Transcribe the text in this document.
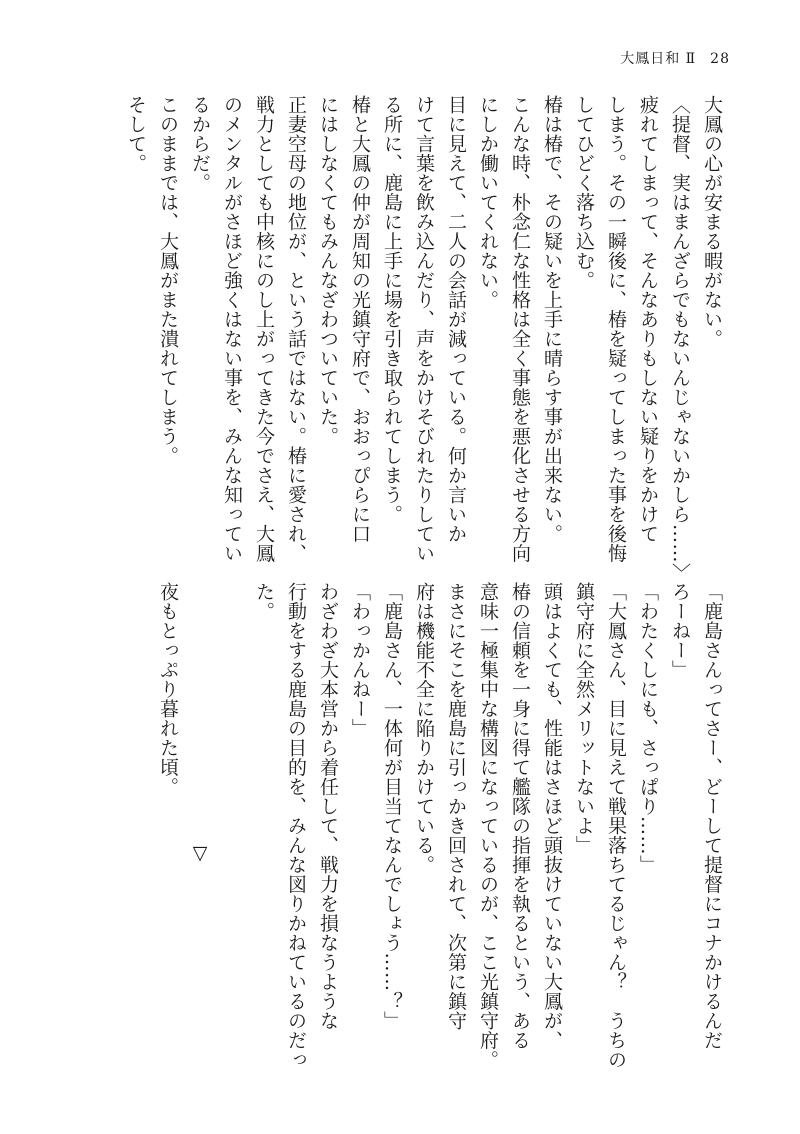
大鳳日和 Ⅱ 28

大鳳の心が安まる暇がない。

〈提督、実はまんざらでもないんじゃないかしら……〉

疲れてしまって、そんなありもしない疑りをかけて

しまう。その一瞬後に、椿を疑ってしまった事を後悔

してひどく落ち込む。

椿は椿で、その疑いを上手に晴らす事が出来ない。

こんな時、朴念仁な性格は全く事態を悪化させる方向

にしか働いてくれない。

目に見えて、二人の会話が減っている。何か言いか

けて言葉を飲み込んだり、声をかけそびれたりしてい

る所に、鹿島に上手に場を引き取られてしまう。

椿と大鳳の仲が周知の光鎮守府で、おおっぴらに口

にはしなくてもみんなざわついていた。

正妻空母の地位が、という話ではない。椿に愛され、

戦力としても中核にのし上がってきた今でさえ、大鳳

のメンタルがさほど強くはない事を、みんな知ってい

るからだ。

このままでは、大鳳がまた潰れてしまう。

そして。

「鹿島さんってさー、どーして提督にコナかけるんだ

ろーねー」

「わたくしにも、さっぱり……」

「大鳳さん、目に見えて戦果落ちてるじゃん？　うちの

鎮守府に全然メリットないよ」

頭はよくても、性能はさほど頭抜けていない大鳳が、

椿の信頼を一身に得て艦隊の指揮を執るという、ある

意味一極集中な構図になっているのが、ここ光鎮守府。

まさにそこを鹿島に引っかき回されて、次第に鎮守

府は機能不全に陥りかけている。

「鹿島さん、一体何が目当てなんでしょう……？」

「わっかんねー」

わざわざ大本営から着任して、戦力を損なうような

行動をする鹿島の目的を、みんな図りかねているのだっ

た。

▽

夜もとっぷり暮れた頃。
